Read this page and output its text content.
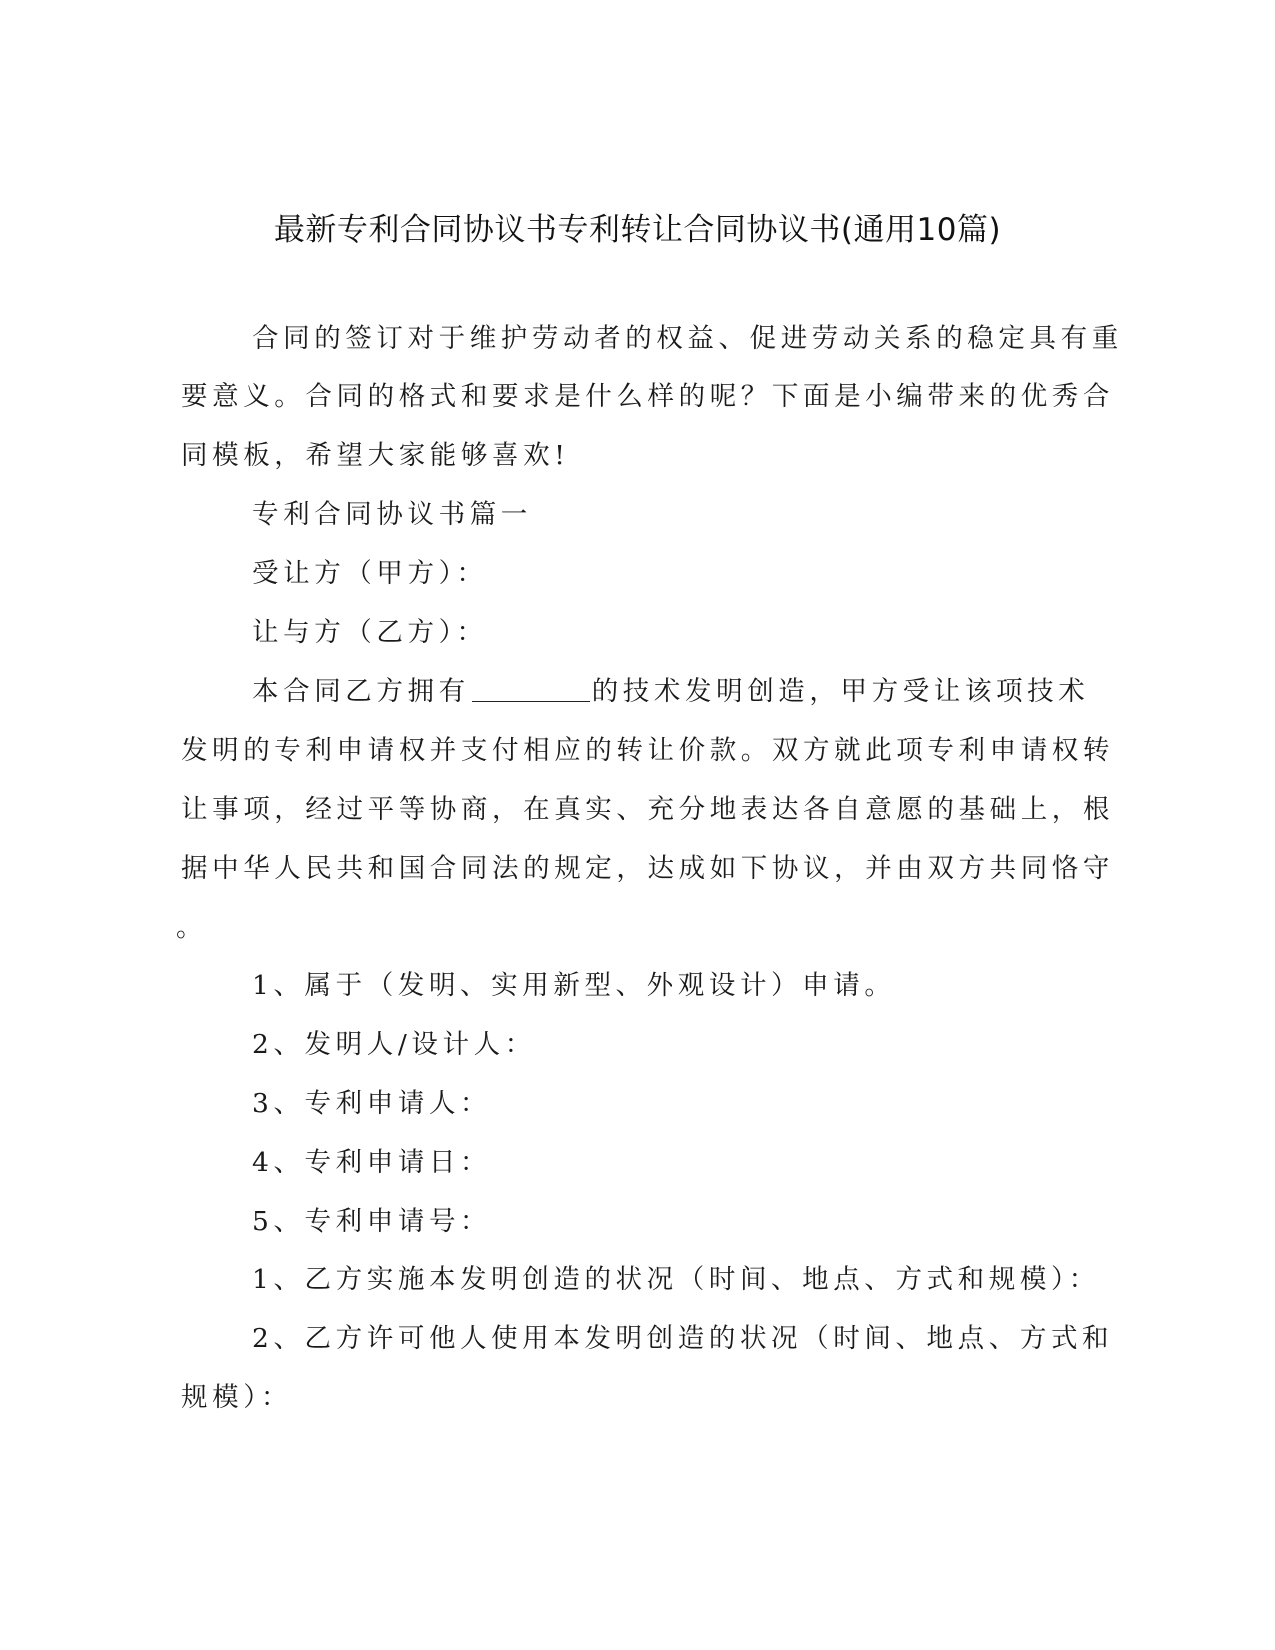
最新专利合同协议书专利转让合同协议书(通用10篇)
合同的签订对于维护劳动者的权益、促进劳动关系的稳定具有重
要意义。合同的格式和要求是什么样的呢？下面是小编带来的优秀合
同模板，希望大家能够喜欢!
专利合同协议书篇一
受让方（甲方）：
让与方（乙方）：
本合同乙方拥有	的技术发明创造，甲方受让该项技术
发明的专利申请权并支付相应的转让价款。双方就此项专利申请权转
让事项，经过平等协商，在真实、充分地表达各自意愿的基础上，根
据中华人民共和国合同法的规定，达成如下协议，并由双方共同恪守
。
1、属于（发明、实用新型、外观设计）申请。
2、发明人/设计人：
3、专利申请人：
4、专利申请日：
5、专利申请号：
1、乙方实施本发明创造的状况（时间、地点、方式和规模）：
2、乙方许可他人使用本发明创造的状况（时间、地点、方式和
规模）：
